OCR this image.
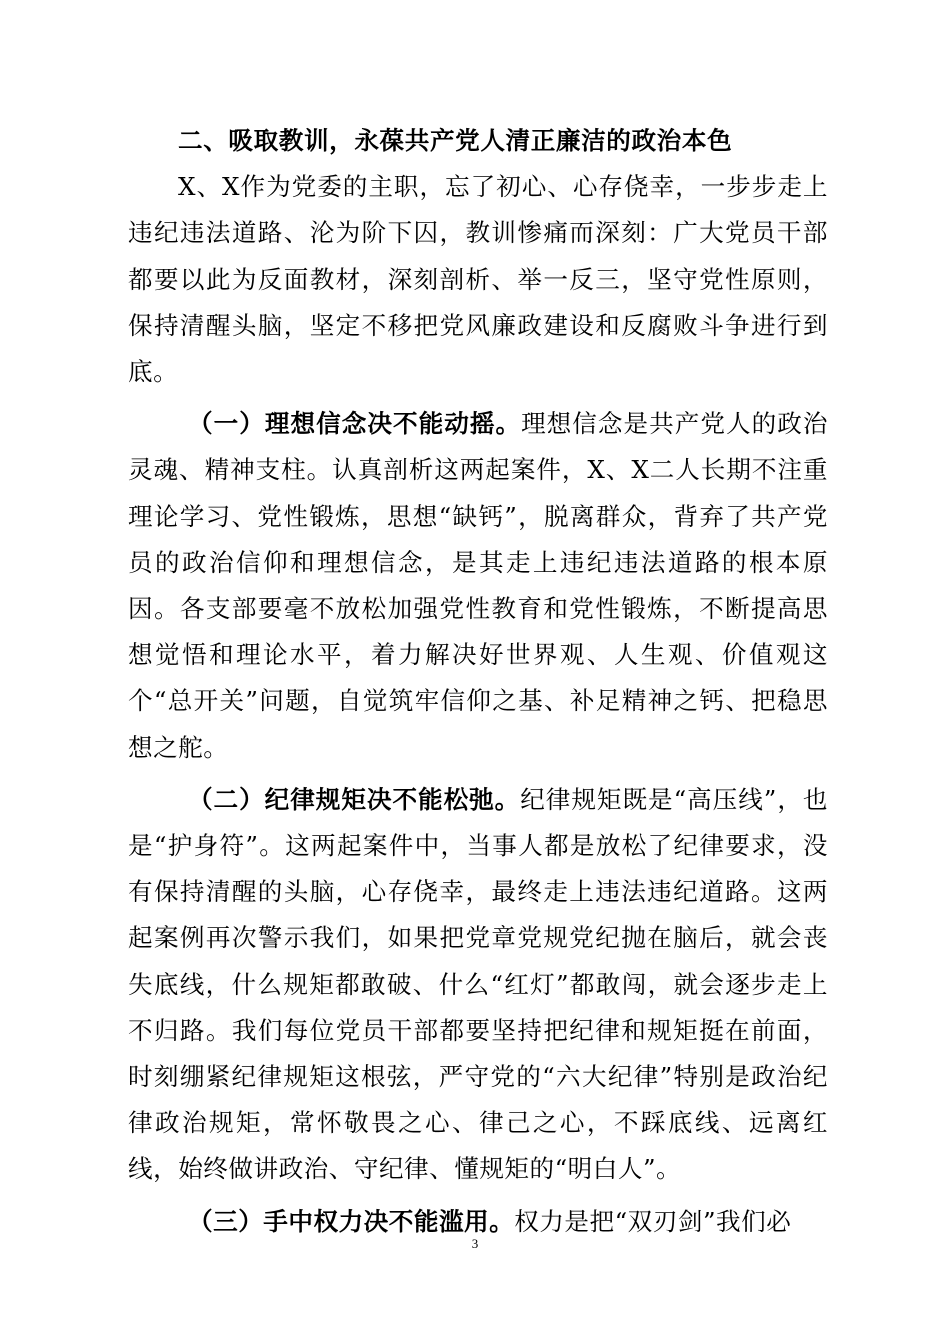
二、吸取教训，永葆共产党人清正廉洁的政治本色

X、X作为党委的主职，忘了初心、心存侥幸，一步步走上违纪违法道路、沦为阶下囚，教训惨痛而深刻：广大党员干部都要以此为反面教材，深刻剖析、举一反三，坚守党性原则，保持清醒头脑，坚定不移把党风廉政建设和反腐败斗争进行到底。

（一）理想信念决不能动摇。理想信念是共产党人的政治灵魂、精神支柱。认真剖析这两起案件，X、X二人长期不注重理论学习、党性锻炼，思想“缺钙”，脱离群众，背弃了共产党员的政治信仰和理想信念，是其走上违纪违法道路的根本原因。各支部要毫不放松加强党性教育和党性锻炼，不断提高思想觉悟和理论水平，着力解决好世界观、人生观、价值观这个“总开关”问题，自觉筑牢信仰之基、补足精神之钙、把稳思想之舵。

（二）纪律规矩决不能松弛。纪律规矩既是“高压线”，也是“护身符”。这两起案件中，当事人都是放松了纪律要求，没有保持清醒的头脑，心存侥幸，最终走上违法违纪道路。这两起案例再次警示我们，如果把党章党规党纪抛在脑后，就会丧失底线，什么规矩都敢破、什么“红灯”都敢闯，就会逐步走上不归路。我们每位党员干部都要坚持把纪律和规矩挺在前面，时刻绷紧纪律规矩这根弦，严守党的“六大纪律”特别是政治纪律政治规矩，常怀敬畏之心、律己之心，不踩底线、远离红线，始终做讲政治、守纪律、懂规矩的“明白人”。

（三）手中权力决不能滥用。权力是把“双刃剑”我们必

3
